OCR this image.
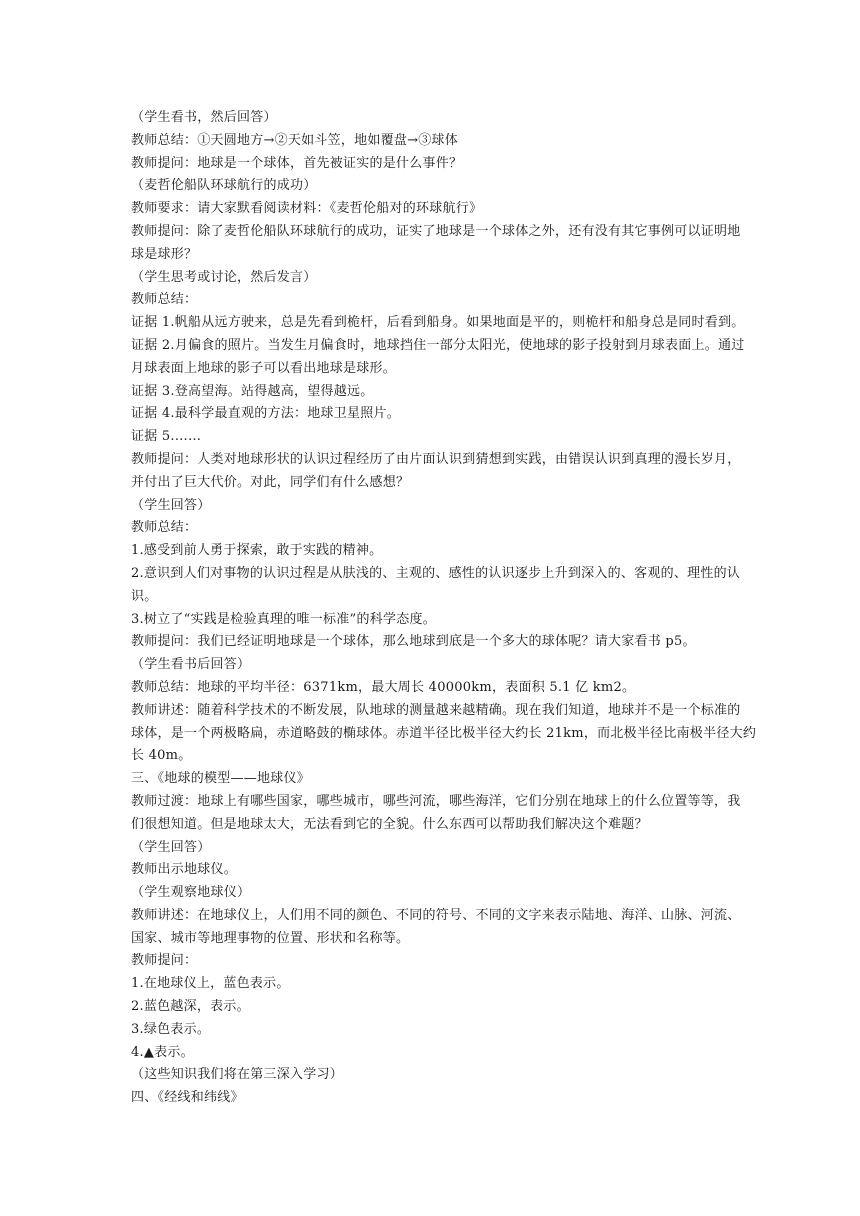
（学生看书，然后回答）
教师总结：①天圆地方→②天如斗笠，地如覆盘→③球体
教师提问：地球是一个球体，首先被证实的是什么事件？
（麦哲伦船队环球航行的成功）
教师要求：请大家默看阅读材料：《麦哲伦船对的环球航行》
教师提问：除了麦哲伦船队环球航行的成功，证实了地球是一个球体之外，还有没有其它事例可以证明地
球是球形？
（学生思考或讨论，然后发言）
教师总结：
证据 1.帆船从远方驶来，总是先看到桅杆，后看到船身。如果地面是平的，则桅杆和船身总是同时看到。
证据 2.月偏食的照片。当发生月偏食时，地球挡住一部分太阳光，使地球的影子投射到月球表面上。通过
月球表面上地球的影子可以看出地球是球形。
证据 3.登高望海。站得越高，望得越远。
证据 4.最科学最直观的方法：地球卫星照片。
证据 5.……
教师提问：人类对地球形状的认识过程经历了由片面认识到猜想到实践，由错误认识到真理的漫长岁月，
并付出了巨大代价。对此，同学们有什么感想？
（学生回答）
教师总结：
1.感受到前人勇于探索，敢于实践的精神。
2.意识到人们对事物的认识过程是从肤浅的、主观的、感性的认识逐步上升到深入的、客观的、理性的认
识。
3.树立了“实践是检验真理的唯一标准”的科学态度。
教师提问：我们已经证明地球是一个球体，那么地球到底是一个多大的球体呢？请大家看书 p5。
（学生看书后回答）
教师总结：地球的平均半径：6371km，最大周长 40000km，表面积 5.1 亿 km2。
教师讲述：随着科学技术的不断发展，队地球的测量越来越精确。现在我们知道，地球并不是一个标准的
球体，是一个两极略扁，赤道略鼓的椭球体。赤道半径比极半径大约长 21km，而北极半径比南极半径大约
长 40m。
三、《地球的模型——地球仪》
教师过渡：地球上有哪些国家，哪些城市，哪些河流，哪些海洋，它们分别在地球上的什么位置等等，我
们很想知道。但是地球太大，无法看到它的全貌。什么东西可以帮助我们解决这个难题？
（学生回答）
教师出示地球仪。
（学生观察地球仪）
教师讲述：在地球仪上，人们用不同的颜色、不同的符号、不同的文字来表示陆地、海洋、山脉、河流、
国家、城市等地理事物的位置、形状和名称等。
教师提问：
1.在地球仪上，蓝色表示。
2.蓝色越深，表示。
3.绿色表示。
4.▲表示。
（这些知识我们将在第三深入学习）
四、《经线和纬线》
